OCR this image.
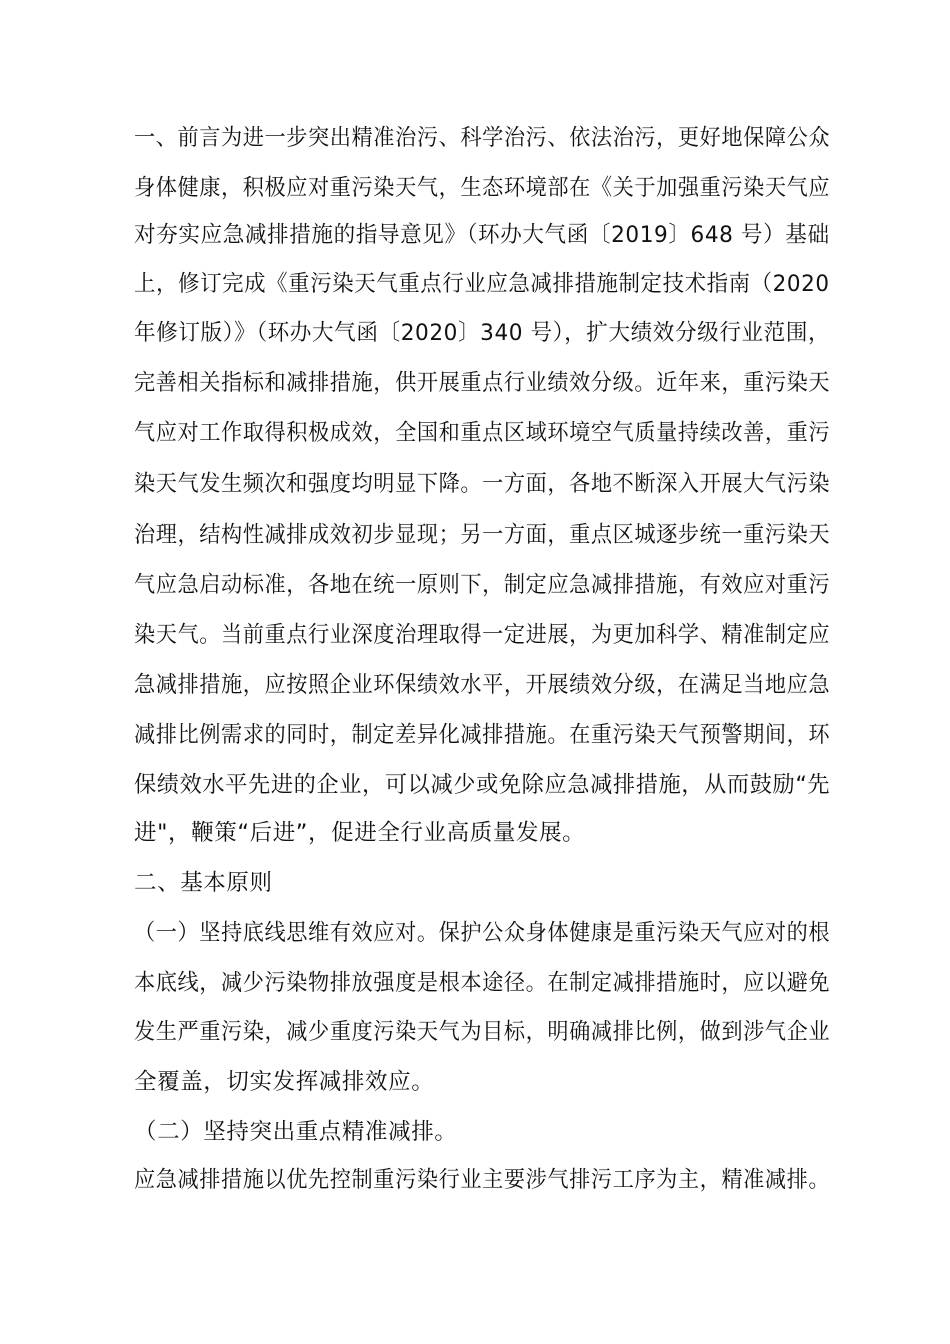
一、前言为进一步突出精准治污、科学治污、依法治污，更好地保障公众
身体健康，积极应对重污染天气，生态环境部在《关于加强重污染天气应
对夯实应急减排措施的指导意见》（环办大气函〔2019〕648 号）基础
上，修订完成《重污染天气重点行业应急减排措施制定技术指南（2020
年修订版）》（环办大气函〔2020〕340 号），扩大绩效分级行业范围，
完善相关指标和减排措施，供开展重点行业绩效分级。近年来，重污染天
气应对工作取得积极成效，全国和重点区域环境空气质量持续改善，重污
染天气发生频次和强度均明显下降。一方面，各地不断深入开展大气污染
治理，结构性减排成效初步显现；另一方面，重点区城逐步统一重污染天
气应急启动标准，各地在统一原则下，制定应急减排措施，有效应对重污
染天气。当前重点行业深度治理取得一定进展，为更加科学、精准制定应
急减排措施，应按照企业环保绩效水平，开展绩效分级，在满足当地应急
减排比例需求的同时，制定差异化减排措施。在重污染天气预警期间，环
保绩效水平先进的企业，可以减少或免除应急减排措施，从而鼓励“先
进"，鞭策“后进”，促进全行业高质量发展。
二、基本原则
（一）坚持底线思维有效应对。保护公众身体健康是重污染天气应对的根
本底线，减少污染物排放强度是根本途径。在制定减排措施时，应以避免
发生严重污染，减少重度污染天气为目标，明确减排比例，做到涉气企业
全覆盖，切实发挥减排效应。
（二）坚持突出重点精准减排。
应急减排措施以优先控制重污染行业主要涉气排污工序为主，精准减排。
